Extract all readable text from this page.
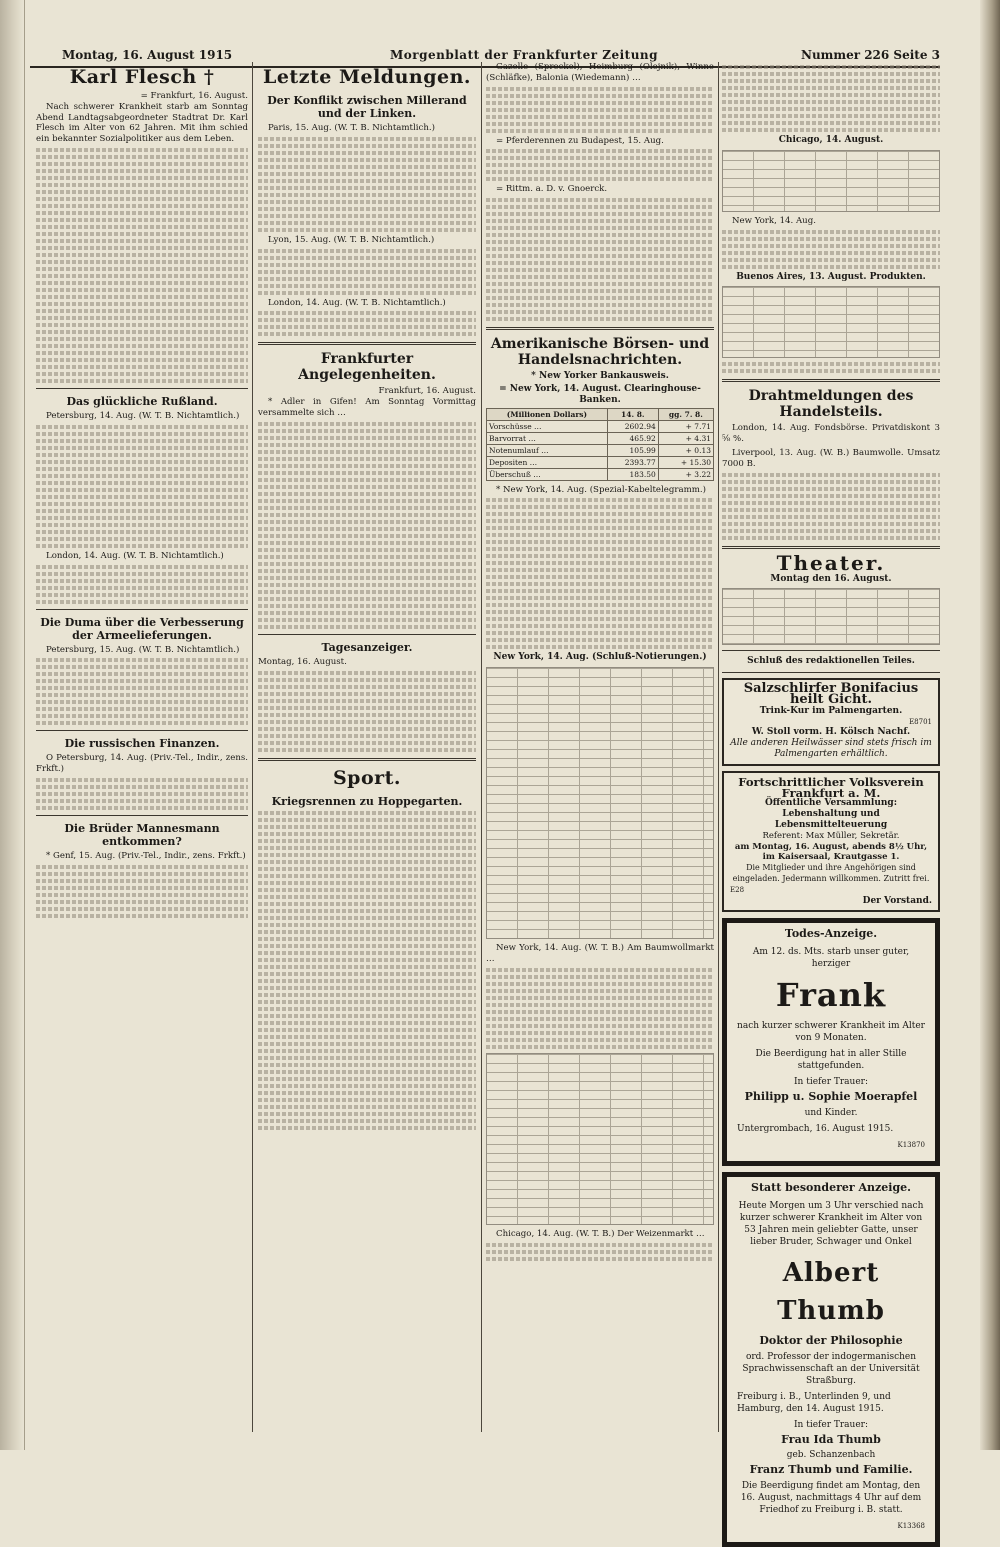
Montag, 16. August 1915	Morgenblatt der Frankfurter Zeitung	Nummer 226 Seite 3
Karl Flesch †
= Frankfurt, 16. August.

Nach schwerer Krankheit starb am Sonntag Abend Landtagsabgeordneter Stadtrat Dr. Karl Flesch im Alter von 62 Jahren. Mit ihm schied ein bekannter Sozialpolitiker aus dem Leben.

Das glückliche Rußland.

Petersburg, 14. Aug. (W. T. B. Nichtamtlich.)

London, 14. Aug. (W. T. B. Nichtamtlich.)

Die Duma über die Verbesserung der Armeelieferungen.

Petersburg, 15. Aug. (W. T. B. Nichtamtlich.)

Die russischen Finanzen.

O Petersburg, 14. Aug. (Priv.-Tel., Indir., zens. Frkft.)

Die Brüder Mannesmann entkommen?

* Genf, 15. Aug. (Priv.-Tel., Indir., zens. Frkft.)

Letzte Meldungen.
Der Konflikt zwischen Millerand und der Linken.

Paris, 15. Aug. (W. T. B. Nichtamtlich.)

Lyon, 15. Aug. (W. T. B. Nichtamtlich.)

London, 14. Aug. (W. T. B. Nichtamtlich.)

Frankfurter Angelegenheiten.
Frankfurt, 16. August.

* Adler in Gifen! Am Sonntag Vormittag versammelte sich …

Tagesanzeiger.
Montag, 16. August.
Sport.
Kriegsrennen zu Hoppegarten.

Gazelle (Spreckel), Heimburg (Olejnik), Winne (Schläfke), Balonia (Wiedemann) …

= Pferderennen zu Budapest, 15. Aug.

= Rittm. a. D. v. Gnoerck.

Amerikanische Börsen- und Handelsnachrichten.
* New Yorker Bankausweis.
= New York, 14. August. Clearinghouse-Banken.
(Millionen Dollars)	14. 8.	gg. 7. 8.
Vorschüsse …	2602.94	+ 7.71
Barvorrat …	465.92	+ 4.31
Notenumlauf …	105.99	+ 0.13
Depositen …	2393.77	+ 15.30
Überschuß …	183.50	+ 3.22

* New York, 14. Aug. (Spezial-Kabeltelegramm.)

New York, 14. Aug. (Schluß-Notierungen.)

New York, 14. Aug. (W. T. B.) Am Baumwollmarkt …

Chicago, 14. Aug. (W. T. B.) Der Weizenmarkt …

Chicago, 14. August.

New York, 14. Aug.

Buenos Aires, 13. August. Produkten.
Drahtmeldungen des Handelsteils.

London, 14. Aug. Fondsbörse. Privatdiskont 3 ⅝ %.

Liverpool, 13. Aug. (W. B.) Baumwolle. Umsatz 7000 B.

Theater.
Montag den 16. August.
Schluß des redaktionellen Teiles.
Salzschlirfer Bonifacius heilt Gicht.
Trink-Kur im Palmengarten.
E8701
W. Stoll vorm. H. Kölsch Nachf.
Alle anderen Heilwässer sind stets frisch im Palmengarten erhältlich.
Fortschrittlicher Volksverein Frankfurt a. M.
Öffentliche Versammlung:
Lebenshaltung und Lebensmittelteuerung
Referent: Max Müller, Sekretär.
am Montag, 16. August, abends 8½ Uhr, im Kaisersaal, Krautgasse 1.
Die Mitglieder und ihre Angehörigen sind eingeladen. Jedermann willkommen. Zutritt frei.
E28
Der Vorstand.
Todes-Anzeige.
Am 12. ds. Mts. starb unser guter, herziger
Frank
nach kurzer schwerer Krankheit im Alter von 9 Monaten.
Die Beerdigung hat in aller Stille stattgefunden.
In tiefer Trauer:
Philipp u. Sophie Moerapfel
und Kinder.
Untergrombach, 16. August 1915.
K13870
Statt besonderer Anzeige.
Heute Morgen um 3 Uhr verschied nach kurzer schwerer Krankheit im Alter von 53 Jahren mein geliebter Gatte, unser lieber Bruder, Schwager und Onkel
Albert Thumb
Doktor der Philosophie
ord. Professor der indogermanischen Sprachwissenschaft an der Universität Straßburg.
Freiburg i. B., Unterlinden 9, und Hamburg, den 14. August 1915.
In tiefer Trauer:
Frau Ida Thumb
geb. Schanzenbach
Franz Thumb und Familie.
Die Beerdigung findet am Montag, den 16. August, nachmittags 4 Uhr auf dem Friedhof zu Freiburg i. B. statt.
K13368
